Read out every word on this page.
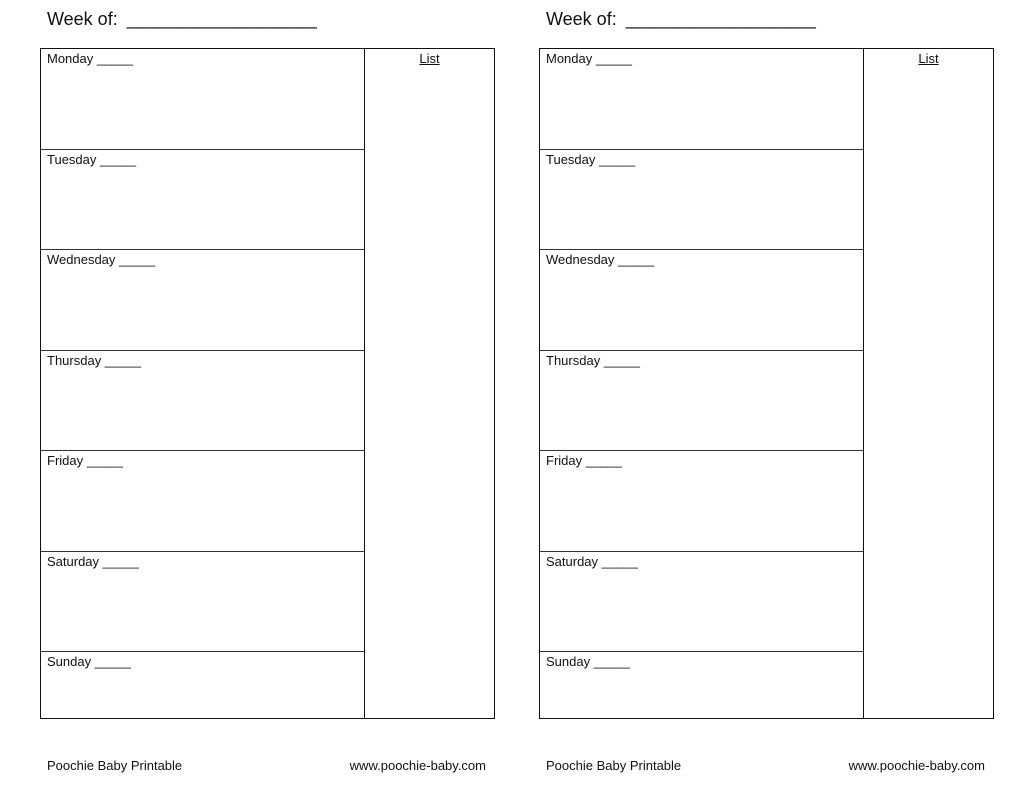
Week of: ___________________
Monday _____
Tuesday _____
Wednesday _____
Thursday _____
Friday _____
Saturday _____
Sunday _____
List
Poochie Baby Printable	www.poochie-baby.com
Week of: ___________________
Monday _____
Tuesday _____
Wednesday _____
Thursday _____
Friday _____
Saturday _____
Sunday _____
List
Poochie Baby Printable	www.poochie-baby.com
